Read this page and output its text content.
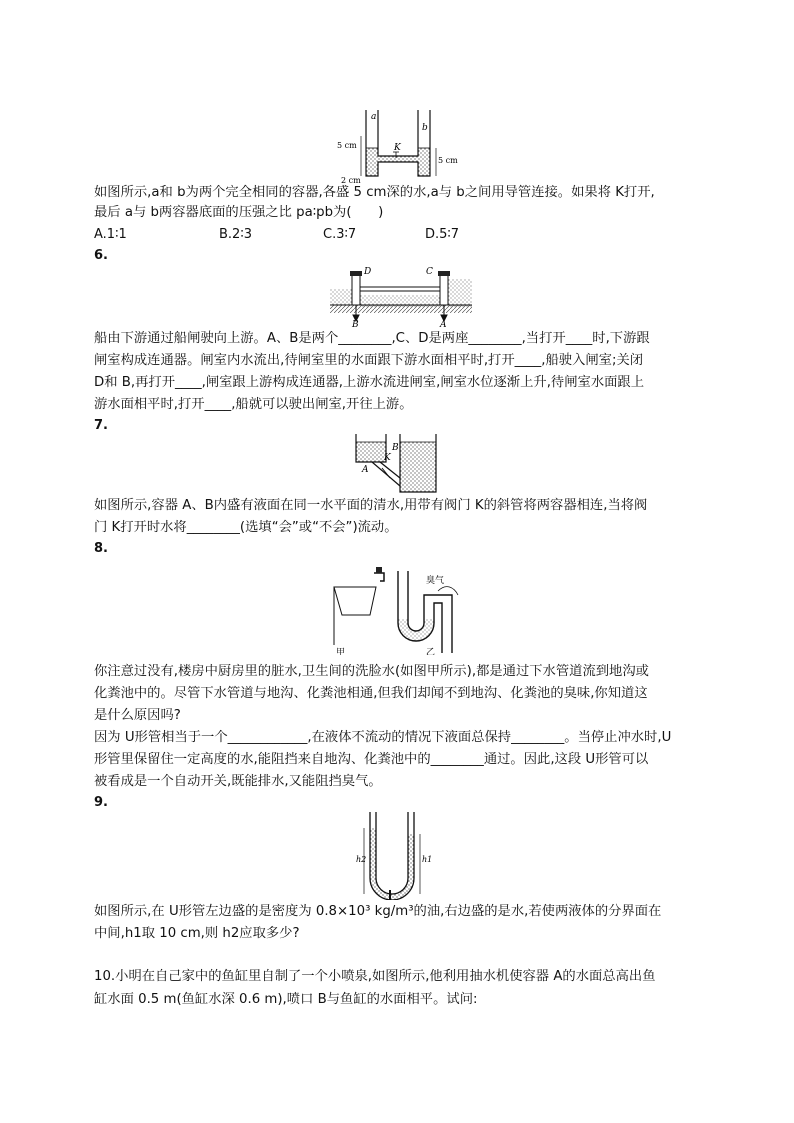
a
b
K
5 cm
5 cm
2 cm
如图所示,a和 b为两个完全相同的容器,各盛 5 cm深的水,a与 b之间用导管连接。如果将 K打开,
最后 a与 b两容器底面的压强之比 pa∶pb为(　　)
A.1∶1	B.2∶3	C.3∶7	D.5∶7
6.
D	C
B	A
船由下游通过船闸驶向上游。A、B是两个________,C、D是两座________,当打开____时,下游跟
闸室构成连通器。闸室内水流出,待闸室里的水面跟下游水面相平时,打开____,船驶入闸室;关闭
D和 B,再打开____,闸室跟上游构成连通器,上游水流进闸室,闸室水位逐渐上升,待闸室水面跟上
游水面相平时,打开____,船就可以驶出闸室,开往上游。
7.
A
B
K
如图所示,容器 A、B内盛有液面在同一水平面的清水,用带有阀门 K的斜管将两容器相连,当将阀
门 K打开时水将________(选填“会”或“不会”)流动。
8.
臭气
甲	乙
你注意过没有,楼房中厨房里的脏水,卫生间的洗脸水(如图甲所示),都是通过下水管道流到地沟或
化粪池中的。尽管下水管道与地沟、化粪池相通,但我们却闻不到地沟、化粪池的臭味,你知道这
是什么原因吗?
因为 U形管相当于一个____________,在液体不流动的情况下液面总保持________。当停止冲水时,U
形管里保留住一定高度的水,能阻挡来自地沟、化粪池中的________通过。因此,这段 U形管可以
被看成是一个自动开关,既能排水,又能阻挡臭气。
9.
h2	h1
如图所示,在 U形管左边盛的是密度为 0.8×10³ kg/m³的油,右边盛的是水,若使两液体的分界面在
中间,h1取 10 cm,则 h2应取多少?
10.小明在自己家中的鱼缸里自制了一个小喷泉,如图所示,他利用抽水机使容器 A的水面总高出鱼
缸水面 0.5 m(鱼缸水深 0.6 m),喷口 B与鱼缸的水面相平。试问:
